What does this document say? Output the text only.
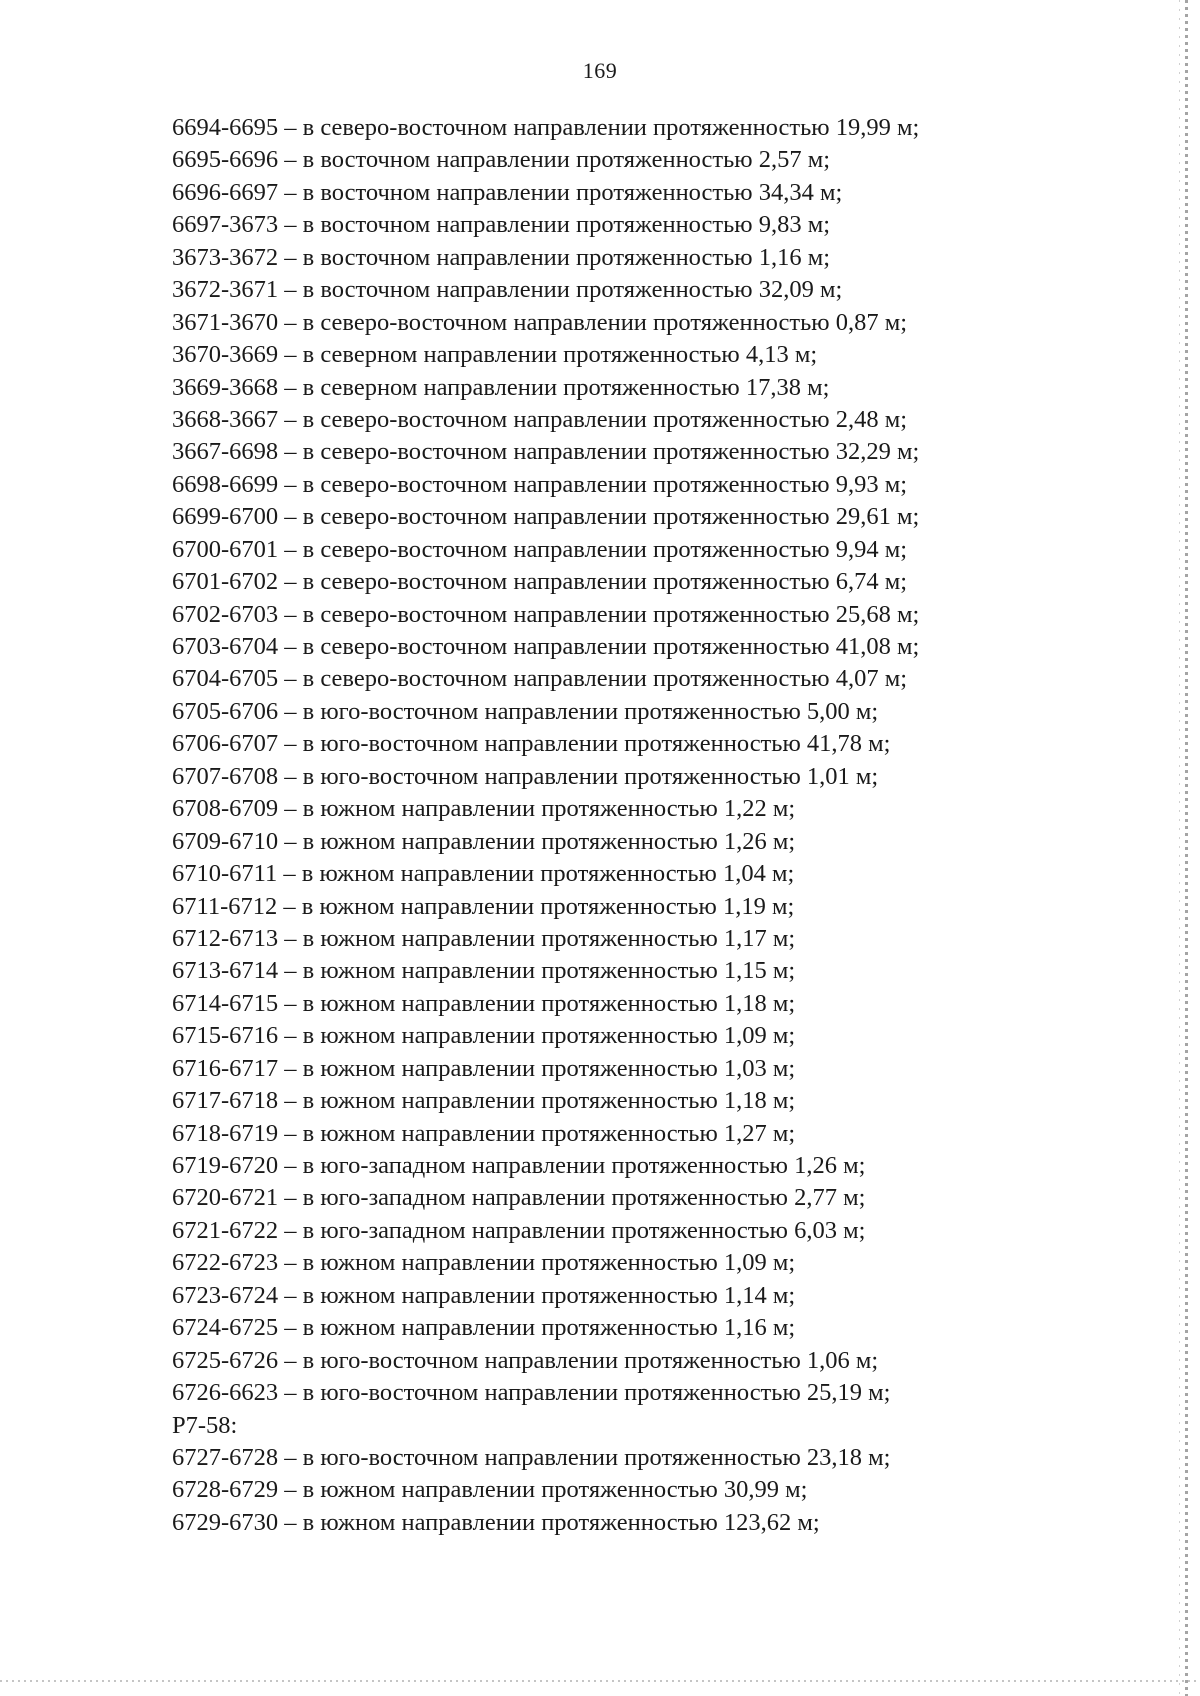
169
6694-6695 – в северо-восточном направлении протяженностью 19,99 м;
6695-6696 – в восточном направлении протяженностью 2,57 м;
6696-6697 – в восточном направлении протяженностью 34,34 м;
6697-3673 – в восточном направлении протяженностью 9,83 м;
3673-3672 – в восточном направлении протяженностью 1,16 м;
3672-3671 – в восточном направлении протяженностью 32,09 м;
3671-3670 – в северо-восточном направлении протяженностью 0,87 м;
3670-3669 – в северном направлении протяженностью 4,13 м;
3669-3668 – в северном направлении протяженностью 17,38 м;
3668-3667 – в северо-восточном направлении протяженностью 2,48 м;
3667-6698 – в северо-восточном направлении протяженностью 32,29 м;
6698-6699 – в северо-восточном направлении протяженностью 9,93 м;
6699-6700 – в северо-восточном направлении протяженностью 29,61 м;
6700-6701 – в северо-восточном направлении протяженностью 9,94 м;
6701-6702 – в северо-восточном направлении протяженностью 6,74 м;
6702-6703 – в северо-восточном направлении протяженностью 25,68 м;
6703-6704 – в северо-восточном направлении протяженностью 41,08 м;
6704-6705 – в северо-восточном направлении протяженностью 4,07 м;
6705-6706 – в юго-восточном направлении протяженностью 5,00 м;
6706-6707 – в юго-восточном направлении протяженностью 41,78 м;
6707-6708 – в юго-восточном направлении протяженностью 1,01 м;
6708-6709 – в южном направлении протяженностью 1,22 м;
6709-6710 – в южном направлении протяженностью 1,26 м;
6710-6711 – в южном направлении протяженностью 1,04 м;
6711-6712 – в южном направлении протяженностью 1,19 м;
6712-6713 – в южном направлении протяженностью 1,17 м;
6713-6714 – в южном направлении протяженностью 1,15 м;
6714-6715 – в южном направлении протяженностью 1,18 м;
6715-6716 – в южном направлении протяженностью 1,09 м;
6716-6717 – в южном направлении протяженностью 1,03 м;
6717-6718 – в южном направлении протяженностью 1,18 м;
6718-6719 – в южном направлении протяженностью 1,27 м;
6719-6720 – в юго-западном направлении протяженностью 1,26 м;
6720-6721 – в юго-западном направлении протяженностью 2,77 м;
6721-6722 – в юго-западном направлении протяженностью 6,03 м;
6722-6723 – в южном направлении протяженностью 1,09 м;
6723-6724 – в южном направлении протяженностью 1,14 м;
6724-6725 – в южном направлении протяженностью 1,16 м;
6725-6726 – в юго-восточном направлении протяженностью 1,06 м;
6726-6623 – в юго-восточном направлении протяженностью 25,19 м;
Р7-58:
6727-6728 – в юго-восточном направлении протяженностью 23,18 м;
6728-6729 – в южном направлении протяженностью 30,99 м;
6729-6730 – в южном направлении протяженностью 123,62 м;
